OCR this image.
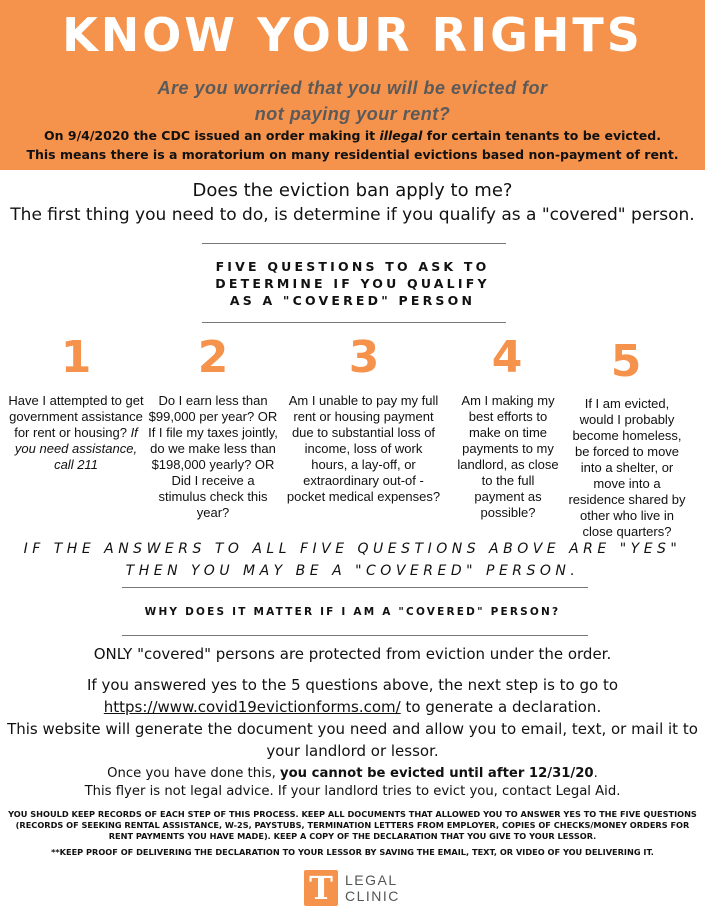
KNOW YOUR RIGHTS
Are you worried that you will be evicted for
not paying your rent?
On 9/4/2020 the CDC issued an order making it illegal for certain tenants to be evicted.
This means there is a moratorium on many residential evictions based non-payment of rent.
Does the eviction ban apply to me?
The first thing you need to do, is determine if you qualify as a "covered" person.
FIVE QUESTIONS TO ASK TO
DETERMINE IF YOU QUALIFY
AS A "COVERED" PERSON
1	2	3	4	5
Have I attempted to get government assistance for rent or housing? If you need assistance, call 211
Do I earn less than $99,000 per year? OR If I file my taxes jointly, do we make less than $198,000 yearly? OR Did I receive a stimulus check this year?
Am I unable to pay my full rent or housing payment due to substantial loss of income, loss of work hours, a lay-off, or extraordinary out-of - pocket medical expenses?
Am I making my best efforts to make on time payments to my landlord, as close to the full payment as possible?
If I am evicted, would I probably become homeless, be forced to move into a shelter, or move into a residence shared by other who live in close quarters?
IF THE ANSWERS TO ALL FIVE QUESTIONS ABOVE ARE "YES"
THEN YOU MAY BE A "COVERED" PERSON.
WHY DOES IT MATTER IF I AM A "COVERED" PERSON?
ONLY "covered" persons are protected from eviction under the order.
If you answered yes to the 5 questions above, the next step is to go to
https://www.covid19evictionforms.com/ to generate a declaration.
This website will generate the document you need and allow you to email, text, or mail it to
your landlord or lessor.
Once you have done this, you cannot be evicted until after 12/31/20.
This flyer is not legal advice. If your landlord tries to evict you, contact Legal Aid.
YOU SHOULD KEEP RECORDS OF EACH STEP OF THIS PROCESS. KEEP ALL DOCUMENTS THAT ALLOWED YOU TO ANSWER YES TO THE FIVE QUESTIONS (RECORDS OF SEEKING RENTAL ASSISTANCE, W-2S, PAYSTUBS, TERMINATION LETTERS FROM EMPLOYER, COPIES OF CHECKS/MONEY ORDERS FOR RENT PAYMENTS YOU HAVE MADE). KEEP A COPY OF THE DECLARATION THAT YOU GIVE TO YOUR LESSOR.
**KEEP PROOF OF DELIVERING THE DECLARATION TO YOUR LESSOR BY SAVING THE EMAIL, TEXT, OR VIDEO OF YOU DELIVERING IT.
T LEGAL
CLINIC
